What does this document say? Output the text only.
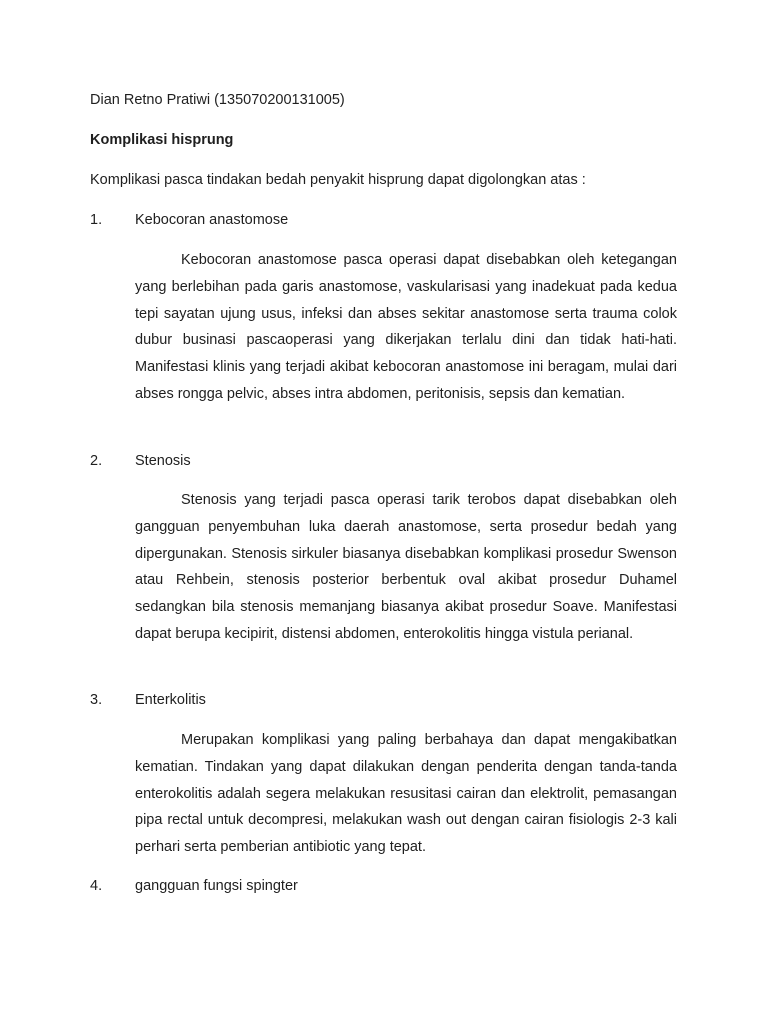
Dian Retno Pratiwi (135070200131005)
Komplikasi hisprung
Komplikasi pasca tindakan bedah penyakit hisprung dapat digolongkan atas :
1. Kebocoran anastomose
Kebocoran anastomose pasca operasi dapat disebabkan oleh ketegangan yang berlebihan pada garis anastomose, vaskularisasi yang inadekuat pada kedua tepi sayatan ujung usus, infeksi dan abses sekitar anastomose serta trauma colok dubur businasi pascaoperasi yang dikerjakan terlalu dini dan tidak hati-hati. Manifestasi klinis yang terjadi akibat kebocoran anastomose ini beragam, mulai dari abses rongga pelvic, abses intra abdomen, peritonisis, sepsis dan kematian.
2. Stenosis
Stenosis yang terjadi pasca operasi tarik terobos dapat disebabkan oleh gangguan penyembuhan luka daerah anastomose, serta prosedur bedah yang dipergunakan. Stenosis sirkuler biasanya disebabkan komplikasi prosedur Swenson atau Rehbein, stenosis posterior berbentuk oval akibat prosedur Duhamel sedangkan bila stenosis memanjang biasanya akibat prosedur Soave. Manifestasi dapat berupa kecipirit, distensi abdomen, enterokolitis hingga vistula perianal.
3. Enterkolitis
Merupakan komplikasi yang paling berbahaya dan dapat mengakibatkan kematian. Tindakan yang dapat dilakukan dengan penderita dengan tanda-tanda enterokolitis adalah segera melakukan resusitasi cairan dan elektrolit, pemasangan pipa rectal untuk decompresi, melakukan wash out dengan cairan fisiologis 2-3 kali perhari serta pemberian antibiotic yang tepat.
4. gangguan fungsi spingter
